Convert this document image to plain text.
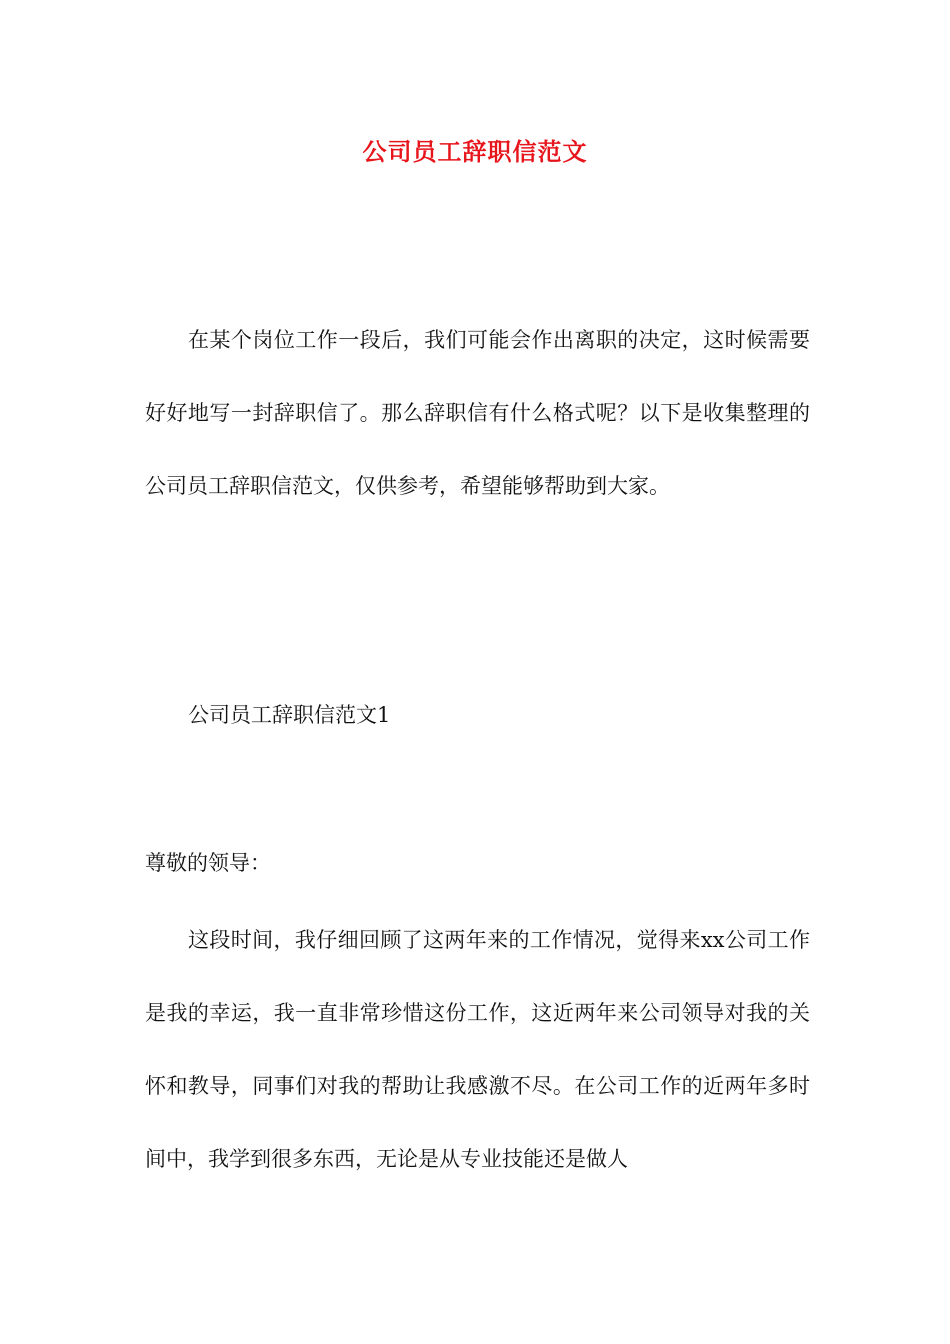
公司员工辞职信范文

在某个岗位工作一段后，我们可能会作出离职的决定，这时候需要好好地写一封辞职信了。那么辞职信有什么格式呢？以下是收集整理的公司员工辞职信范文，仅供参考，希望能够帮助到大家。

公司员工辞职信范文1

尊敬的领导：

这段时间，我仔细回顾了这两年来的工作情况，觉得来xx公司工作是我的幸运，我一直非常珍惜这份工作，这近两年来公司领导对我的关怀和教导，同事们对我的帮助让我感激不尽。在公司工作的近两年多时间中，我学到很多东西，无论是从专业技能还是做人
